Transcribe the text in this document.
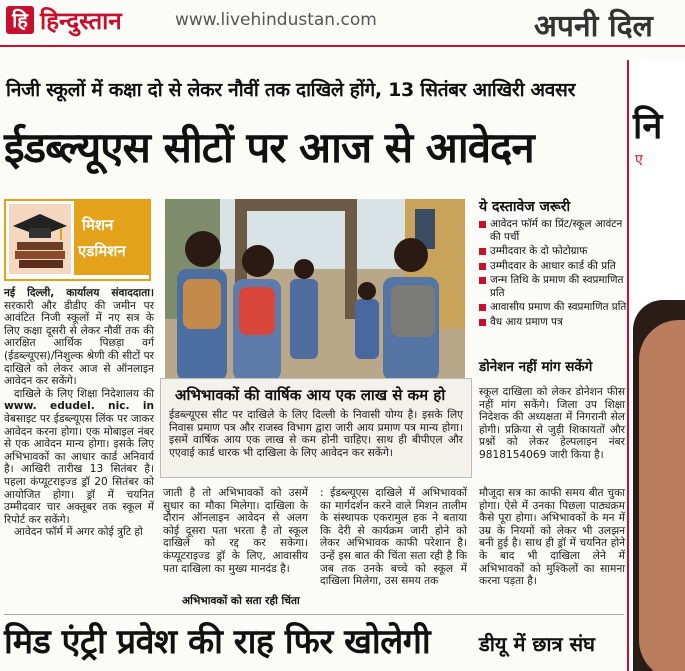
हि हिन्दुस्तान	www.livehindustan.com	अपनी दिल
नि
ए
निजी स्कूलों में कक्षा दो से लेकर नौवीं तक दाखिले होंगे, 13 सितंबर आखिरी अवसर
ईडब्ल्यूएस सीटों पर आज से आवेदन
मिशन
एडमिशन

नई दिल्ली, कार्यालय संवाददाता। सरकारी और डीडीए की जमीन पर आवंटित निजी स्कूलों में नए सत्र के लिए कक्षा दूसरी से लेकर नौवीं तक की आरक्षित आर्थिक पिछड़ा वर्ग (ईडब्ल्यूएस)/निशुल्क श्रेणी की सीटों पर दाखिले को लेकर आज से ऑनलाइन आवेदन कर सकेंगे।

दाखिले के लिए शिक्षा निदेशालय की www. edudel. nic. in वेबसाइट पर ईडब्ल्यूएस लिंक पर जाकर आवेदन करना होगा। एक मोबाइल नंबर से एक आवेदन मान्य होगा। इसके लिए अभिभावकों का आधार कार्ड अनिवार्य है। आखिरी तारीख 13 सितंबर है। पहला कंप्यूटराइज्ड ड्रॉ 20 सितंबर को आयोजित होगा। ड्रॉ में चयनित उम्मीदवार चार अक्तूबर तक स्कूल में रिपोर्ट कर सकेंगे।

आवेदन फॉर्म में अगर कोई त्रुटि हो

अभिभावकों की वार्षिक आय एक लाख से कम हो
ईडब्ल्यूएस सीट पर दाखिले के लिए दिल्ली के निवासी योग्य है। इसके लिए निवास प्रमाण पत्र और राजस्व विभाग द्वारा जारी आय प्रमाण पत्र मान्य होगा। इसमें वार्षिक आय एक लाख से कम होनी चाहिए। साथ ही बीपीएल और एएवाई कार्ड धारक भी दाखिला के लिए आवेदन कर सकेंगे।
ये दस्तावेज जरूरी
आवेदन फॉर्म का प्रिंट/स्कूल आवंटन की पर्ची
उम्मीदवार के दो फोटोग्राफ
उम्मीदवार के आधार कार्ड की प्रति
जन्म तिथि के प्रमाण की स्वप्रमाणित प्रति
आवासीय प्रमाण की स्वप्रमाणित प्रति
वैध आय प्रमाण पत्र
डोनेशन नहीं मांग सकेंगे
स्कूल दाखिला को लेकर डोनेशन फीस नहीं मांग सकेंगे। जिला उप शिक्षा निदेशक की अध्यक्षता में निगरानी सेल होगी। प्रक्रिया से जुड़ी शिकायतों और प्रश्नों को लेकर हेल्पलाइन नंबर 9818154069 जारी किया है।
जाती है तो अभिभावकों को उसमें सुधार का मौका मिलेगा। दाखिला के दौरान ऑनलाइन आवेदन से अलग कोई दूसरा पता भरता है तो स्कूल दाखिले को रद्द कर सकेगा। कंप्यूटराइज्ड ड्रॉ के लिए, आवासीय पता दाखिला का मुख्य मानदंड है।
अभिभावकों को सता रही चिंता
: ईडब्ल्यूएस दाखिले में अभिभावकों का मार्गदर्शन करने वाले मिशन तालीम के संस्थापक एकरामुल हक ने बताया कि देरी से कार्यक्रम जारी होने को लेकर अभिभावक काफी परेशान है। उन्हें इस बात की चिंता सता रही है कि जब तक उनके बच्चे को स्कूल में दाखिला मिलेगा, उस समय तक
मौजूदा सत्र का काफी समय बीत चुका होगा। ऐसे में उनका पिछला पाठ्यक्रम कैसे पूरा होगा। अभिभावकों के मन में उम्र के नियमों को लेकर भी उलझन बनी हुई है। साथ ही ड्रॉ में चयनित होने के बाद भी दाखिला लेने में अभिभावकों को मुश्किलों का सामना करना पड़ता है।
मिड एंट्री प्रवेश की राह फिर खोलेगी डीयू में छात्र संघ
